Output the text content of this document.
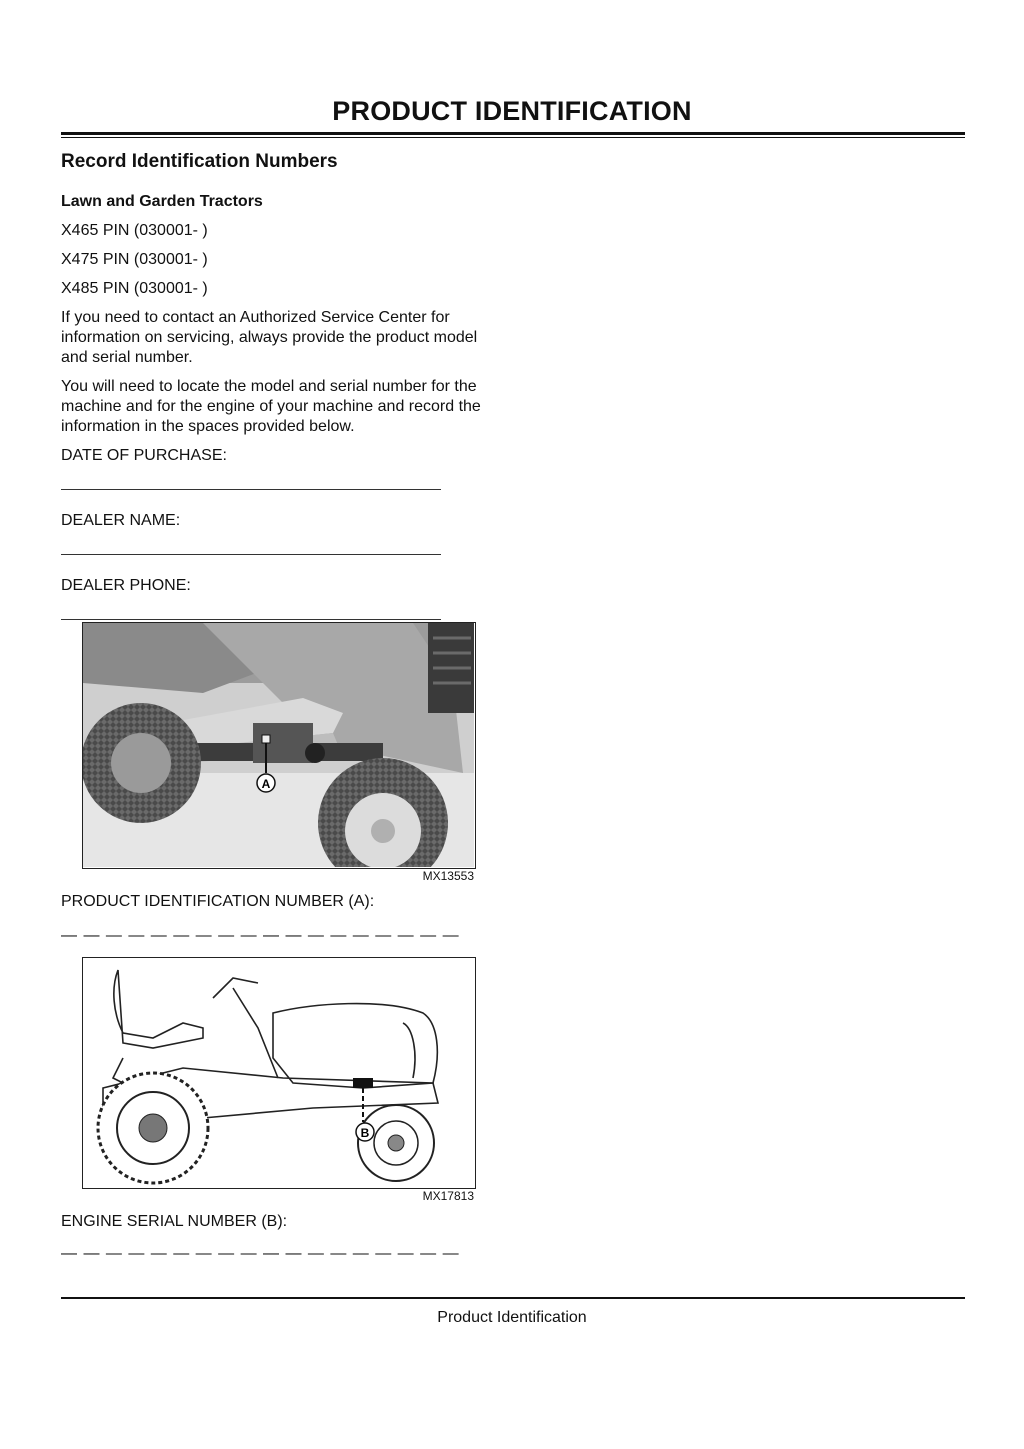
PRODUCT IDENTIFICATION
Record Identification Numbers

Lawn and Garden Tractors

X465 PIN (030001- )

X475 PIN (030001- )

X485 PIN (030001- )

If you need to contact an Authorized Service Center for information on servicing, always provide the product model and serial number.

You will need to locate the model and serial number for the machine and for the engine of your machine and record the information in the spaces provided below.

DATE OF PURCHASE:

DEALER NAME:

DEALER PHONE:

A
MX13553
PRODUCT IDENTIFICATION NUMBER (A):
— — — — — — — — — — — — — — — — — —
B
MX17813
ENGINE SERIAL NUMBER (B):
— — — — — — — — — — — — — — — — — —
Product Identification
